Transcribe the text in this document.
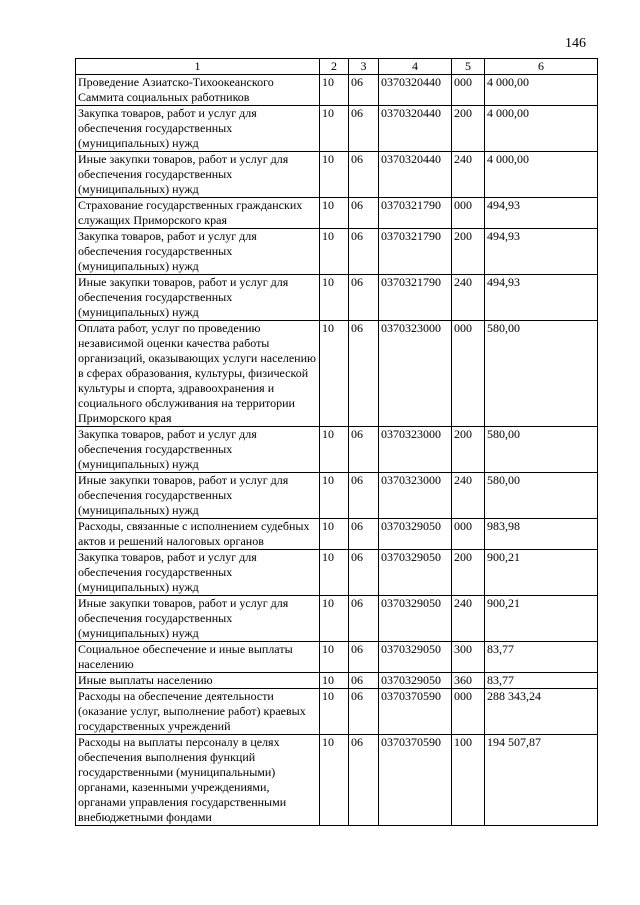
146
1	2	3	4	5	6
Проведение Азиатско-Тихоокеанского Саммита социальных работников	10	06	0370320440	000	4 000,00
Закупка товаров, работ и услуг для обеспечения государственных (муниципальных) нужд	10	06	0370320440	200	4 000,00
Иные закупки товаров, работ и услуг для обеспечения государственных (муниципальных) нужд	10	06	0370320440	240	4 000,00
Страхование государственных гражданских служащих Приморского края	10	06	0370321790	000	494,93
Закупка товаров, работ и услуг для обеспечения государственных (муниципальных) нужд	10	06	0370321790	200	494,93
Иные закупки товаров, работ и услуг для обеспечения государственных (муниципальных) нужд	10	06	0370321790	240	494,93
Оплата работ, услуг по проведению независимой оценки качества работы организаций, оказывающих услуги населению в сферах образования, культуры, физической культуры и спорта, здравоохранения и социального обслуживания на территории Приморского края	10	06	0370323000	000	580,00
Закупка товаров, работ и услуг для обеспечения государственных (муниципальных) нужд	10	06	0370323000	200	580,00
Иные закупки товаров, работ и услуг для обеспечения государственных (муниципальных) нужд	10	06	0370323000	240	580,00
Расходы, связанные с исполнением судебных актов и решений налоговых органов	10	06	0370329050	000	983,98
Закупка товаров, работ и услуг для обеспечения государственных (муниципальных) нужд	10	06	0370329050	200	900,21
Иные закупки товаров, работ и услуг для обеспечения государственных (муниципальных) нужд	10	06	0370329050	240	900,21
Социальное обеспечение и иные выплаты населению	10	06	0370329050	300	83,77
Иные выплаты населению	10	06	0370329050	360	83,77
Расходы на обеспечение деятельности (оказание услуг, выполнение работ) краевых государственных учреждений	10	06	0370370590	000	288 343,24
Расходы на выплаты персоналу в целях обеспечения выполнения функций государственными (муниципальными) органами, казенными учреждениями, органами управления государственными внебюджетными фондами	10	06	0370370590	100	194 507,87
